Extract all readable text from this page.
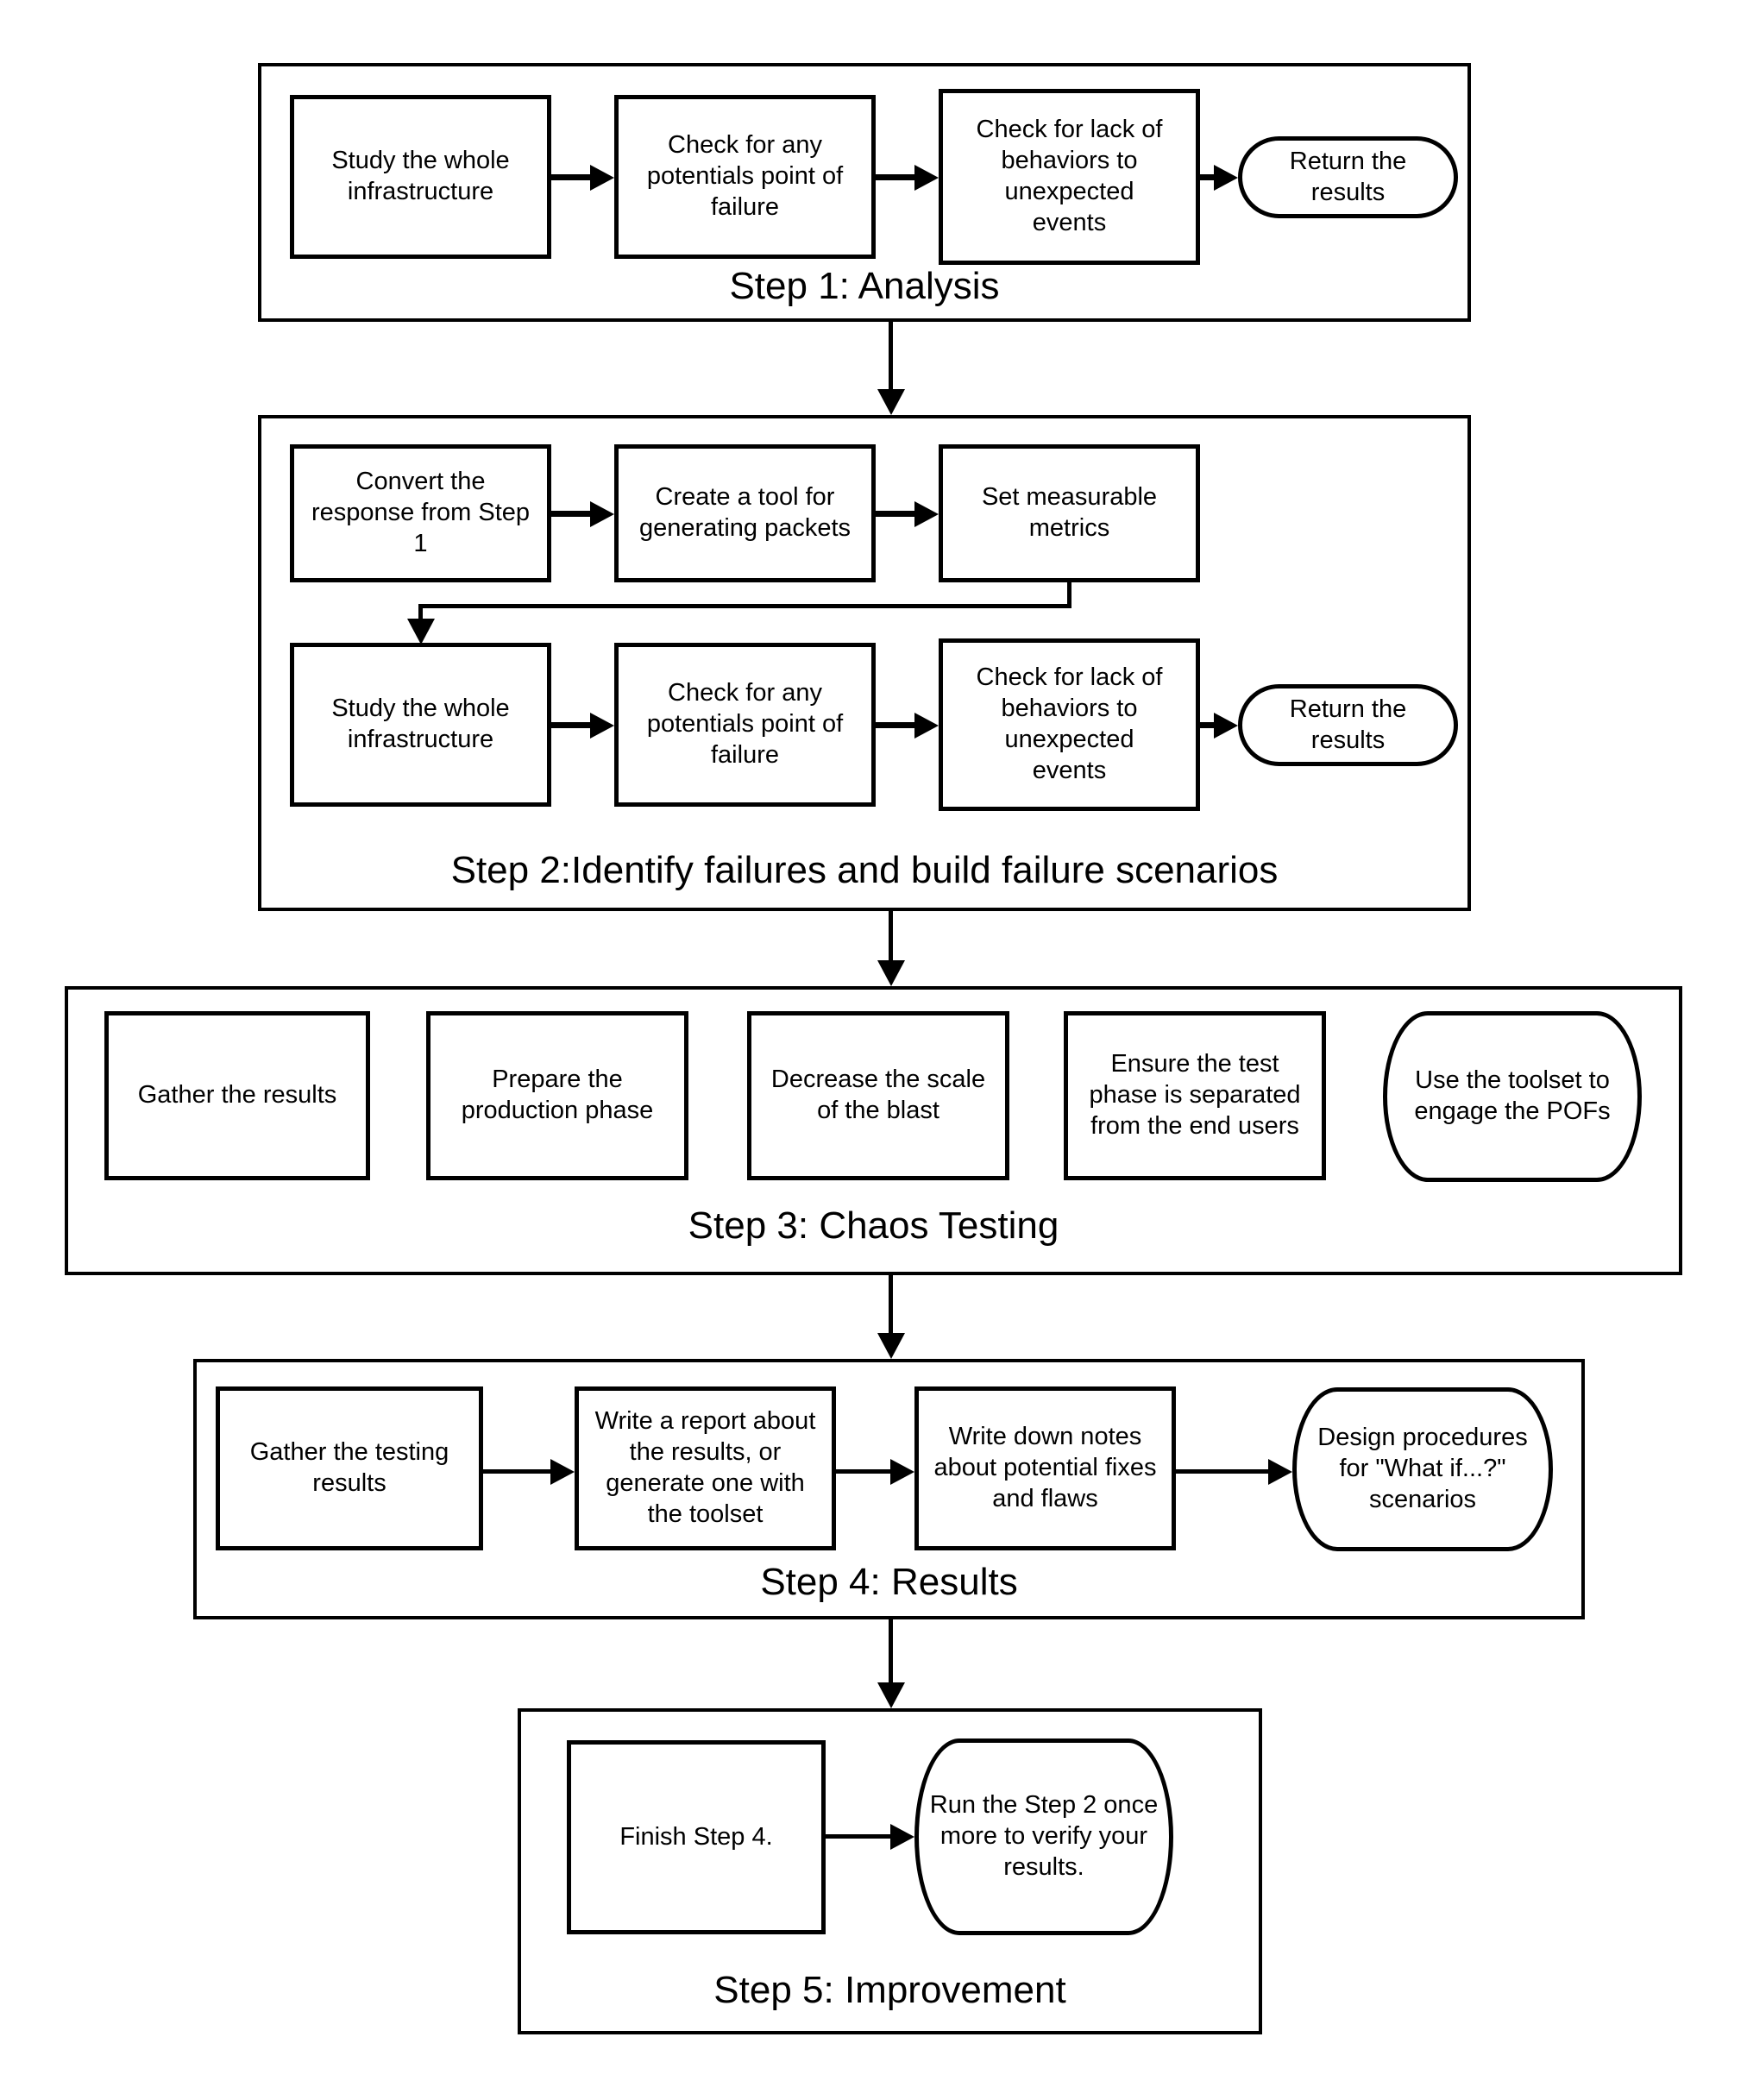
Step 1: Analysis
Step 2:Identify failures and build failure scenarios
Step 3: Chaos Testing
Step 4: Results
Step 5: Improvement
Study the whole infrastructure
Check for any potentials point of failure
Check for lack of behaviors to unexpected events
Return the results
Convert the response from Step 1
Create a tool for generating packets
Set measurable metrics
Study the whole infrastructure
Check for any potentials point of failure
Check for lack of behaviors to unexpected events
Return the results
Gather the results
Prepare the production phase
Decrease the scale of the blast
Ensure the test phase is separated from the end users
Use the toolset to engage the POFs
Gather the testing results
Write a report about the results, or generate one with the toolset
Write down notes about potential fixes and flaws
Design procedures for "What if...?" scenarios
Finish Step 4.
Run the Step 2 once more to verify your results.
